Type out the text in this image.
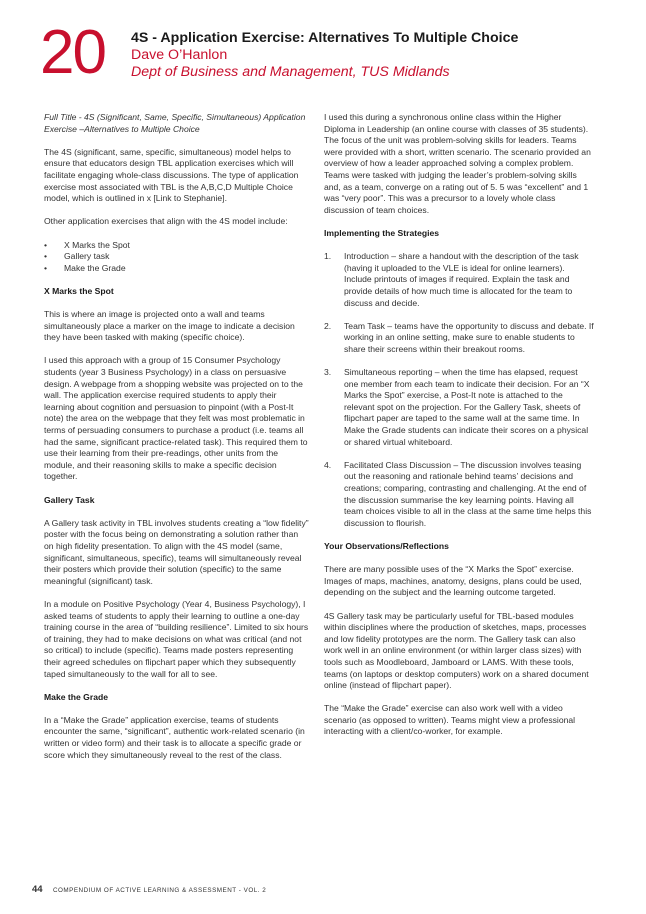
20 4S - Application Exercise: Alternatives To Multiple Choice
Dave O’Hanlon
Dept of Business and Management, TUS Midlands

Full Title - 4S (Significant, Same, Specific, Simultaneous) Application Exercise –Alternatives to Multiple Choice

The 4S (significant, same, specific, simultaneous) model helps to ensure that educators design TBL application exercises which will facilitate engaging whole-class discussions. The type of application exercise most associated with TBL is the A,B,C,D Multiple Choice model, which is outlined in x [Link to Stephanie].

Other application exercises that align with the 4S model include:

• X Marks the Spot
• Gallery task
• Make the Grade

X Marks the Spot

This is where an image is projected onto a wall and teams simultaneously place a marker on the image to indicate a decision they have been tasked with making (specific choice).

I used this approach with a group of 15 Consumer Psychology students (year 3 Business Psychology) in a class on persuasive design. A webpage from a shopping website was projected on to the wall. The application exercise required students to apply their learning about cognition and persuasion to pinpoint (with a Post-It note) the area on the webpage that they felt was most problematic in terms of persuading consumers to purchase a product (i.e. teams all had the same, significant practice-related task). This required them to use their learning from their pre-readings, other units from the module, and their reasoning skills to make a specific decision together.

Gallery Task

A Gallery task activity in TBL involves students creating a “low fidelity” poster with the focus being on demonstrating a solution rather than on high fidelity presentation. To align with the 4S model (same, significant, simultaneous, specific), teams will simultaneously reveal their posters which provide their solution (specific) to the same meaningful (significant) task.

In a module on Positive Psychology (Year 4, Business Psychology), I asked teams of students to apply their learning to outline a one-day training course in the area of “building resilience”. Limited to six hours of training, they had to make decisions on what was critical (and not so critical) to include (specific). Teams made posters representing their agreed schedules on flipchart paper which they subsequently taped simultaneously to the wall for all to see.

Make the Grade

In a “Make the Grade” application exercise, teams of students encounter the same, “significant”, authentic work-related scenario (in written or video form) and their task is to allocate a specific grade or score which they simultaneously reveal to the rest of the class.

I used this during a synchronous online class within the Higher Diploma in Leadership (an online course with classes of 35 students). The focus of the unit was problem-solving skills for leaders. Teams were provided with a short, written scenario. The scenario provided an overview of how a leader approached solving a complex problem. Teams were tasked with judging the leader’s problem-solving skills and, as a team, converge on a rating out of 5. 5 was “excellent” and 1 was “very poor”. This was a precursor to a lovely whole class discussion of team choices.

Implementing the Strategies

1. Introduction – share a handout with the description of the task (having it uploaded to the VLE is ideal for online learners). Include printouts of images if required. Explain the task and provide details of how much time is allocated for the team to discuss and decide.
2. Team Task – teams have the opportunity to discuss and debate. If working in an online setting, make sure to enable students to share their screens within their breakout rooms.
3. Simultaneous reporting – when the time has elapsed, request one member from each team to indicate their decision. For an “X Marks the Spot” exercise, a Post-It note is attached to the relevant spot on the projection. For the Gallery Task, sheets of flipchart paper are taped to the same wall at the same time. In Make the Grade students can indicate their scores on a physical or shared virtual whiteboard.
4. Facilitated Class Discussion – The discussion involves teasing out the reasoning and rationale behind teams’ decisions and creations; comparing, contrasting and challenging. At the end of the discussion summarise the key learning points. Having all team choices visible to all in the class at the same time helps this discussion to flourish.

Your Observations/Reflections

There are many possible uses of the “X Marks the Spot” exercise. Images of maps, machines, anatomy, designs, plans could be used, depending on the subject and the learning outcome targeted.

4S Gallery task may be particularly useful for TBL-based modules within disciplines where the production of sketches, maps, processes and low fidelity prototypes are the norm. The Gallery task can also work well in an online environment (or within larger class sizes) with tools such as Moodleboard, Jamboard or LAMS. With these tools, teams (on laptops or desktop computers) work on a shared document online (instead of flipchart paper).

The “Make the Grade” exercise can also work well with a video scenario (as opposed to written). Teams might view a professional interacting with a client/co-worker, for example.

44 COMPENDIUM OF ACTIVE LEARNING & ASSESSMENT - VOL. 2
